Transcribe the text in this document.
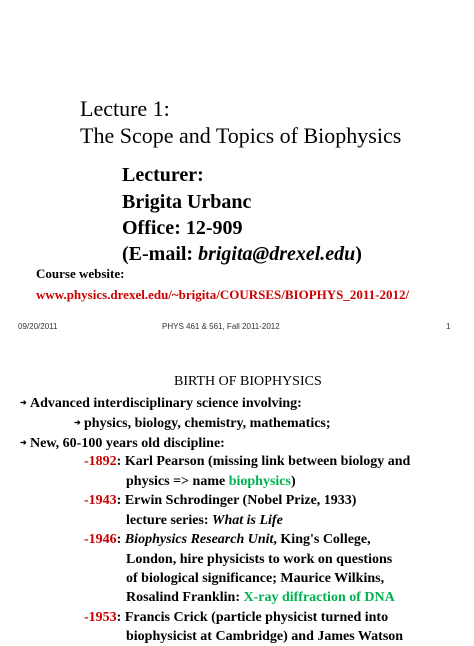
Lecture 1:
The Scope and Topics of Biophysics
Lecturer:
Brigita Urbanc
Office: 12-909
(E-mail: brigita@drexel.edu)
Course website:
www.physics.drexel.edu/~brigita/COURSES/BIOPHYS_2011-2012/
09/20/2011	PHYS 461 & 561, Fall 2011-2012	1
BIRTH OF BIOPHYSICS
➜ Advanced interdisciplinary science involving:
➜ physics, biology, chemistry, mathematics;
➜ New, 60-100 years old discipline:
-1892: Karl Pearson (missing link between biology and
physics => name biophysics)
-1943: Erwin Schrodinger (Nobel Prize, 1933)
lecture series: What is Life
-1946: Biophysics Research Unit, King's College,
London, hire physicists to work on questions
of biological significance; Maurice Wilkins,
Rosalind Franklin: X-ray diffraction of DNA
-1953: Francis Crick (particle physicist turned into
biophysicist at Cambridge) and James Watson
